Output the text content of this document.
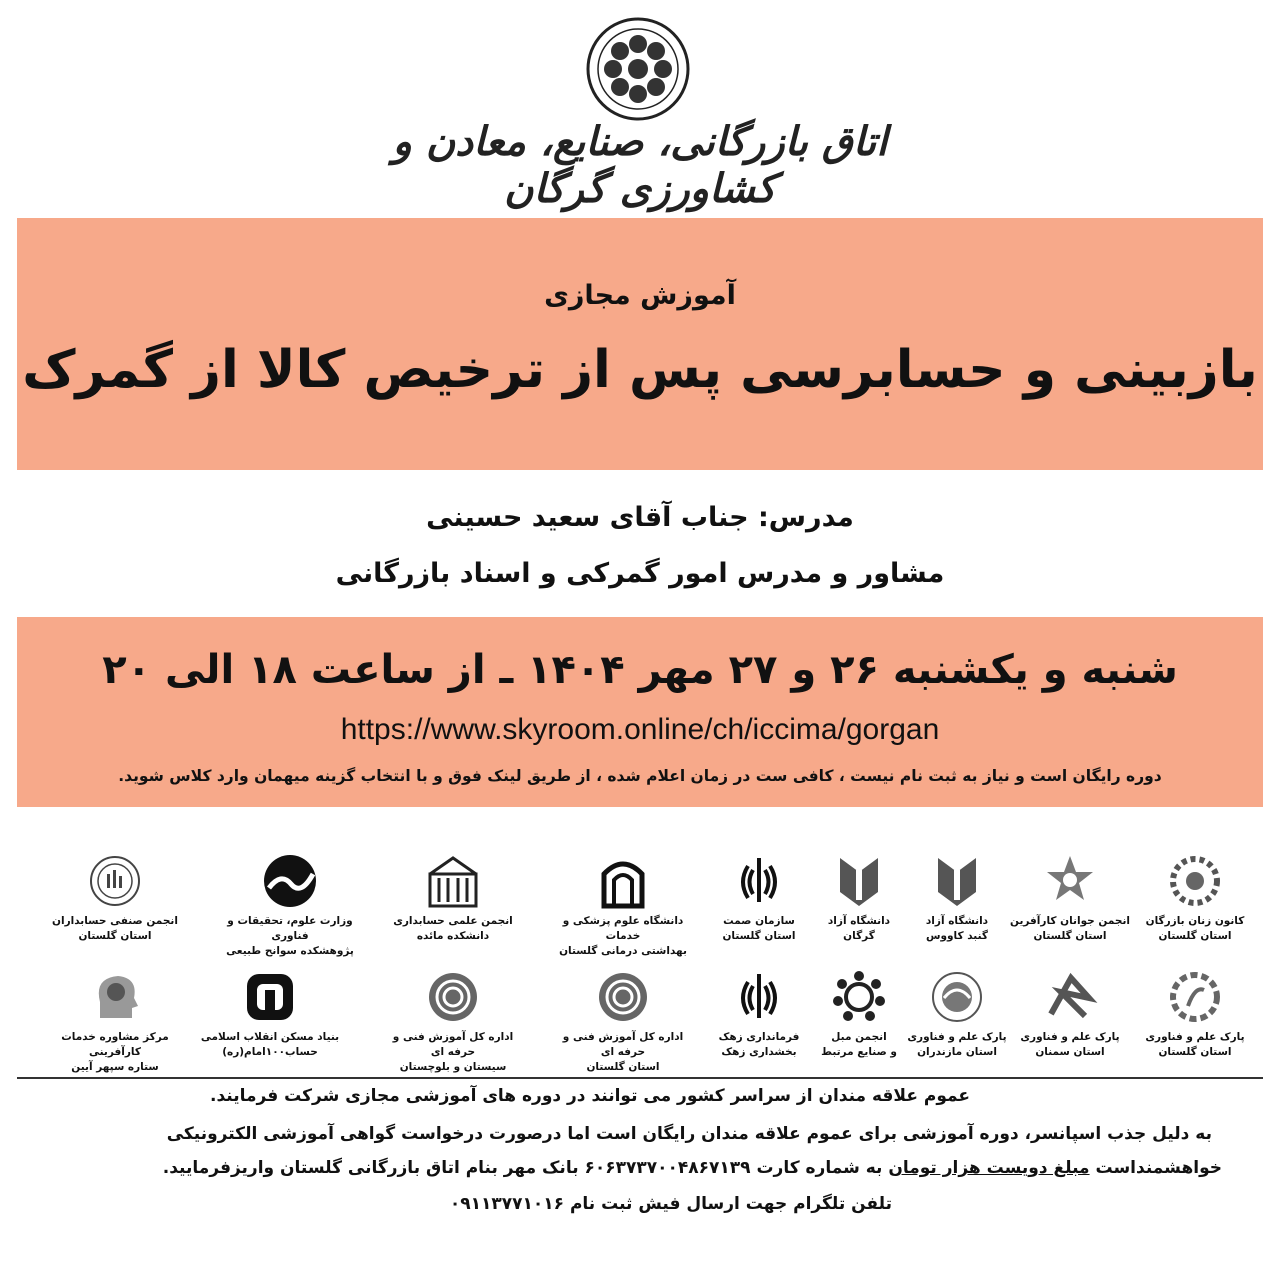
اتاق بازرگانی، صنایع، معادن و کشاورزی گرگان
آموزش مجازی
بازبینی و حسابرسی پس از ترخیص کالا از گمرک
مدرس: جناب آقای سعید حسینی
مشاور و مدرس امور گمرکی و اسناد بازرگانی
شنبه و یکشنبه ۲۶ و ۲۷ مهر ۱۴۰۴ ـ از ساعت ۱۸ الی ۲۰
https://www.skyroom.online/ch/iccima/gorgan
دوره رایگان است و نیاز به ثبت نام نیست ، کافی ست در زمان اعلام شده ، از طریق لینک فوق و با انتخاب گزینه میهمان وارد کلاس شوید.
کانون زنان بازرگان
استان گلستان
انجمن جوانان کارآفرین
استان گلستان
دانشگاه آزاد
گنبد کاووس
دانشگاه آزاد
گرگان
سازمان صمت
استان گلستان
دانشگاه علوم پزشکی و خدمات
بهداشتی درمانی گلستان
انجمن علمی حسابداری
دانشکده مائده
وزارت علوم، تحقیقات و فناوری
پژوهشکده سوانح طبیعی
انجمن صنفی حسابداران
استان گلستان
پارک علم و فناوری
استان گلستان
پارک علم و فناوری
استان سمنان
پارک علم و فناوری
استان مازندران
انجمن مبل
و صنایع مرتبط
فرمانداری زهک
بخشداری زهک
اداره کل آموزش فنی و حرفه ای
استان گلستان
اداره کل آموزش فنی و حرفه ای
سیستان و بلوچستان
بنیاد مسکن انقلاب اسلامی
حساب۱۰۰امام(ره)
مرکز مشاوره خدمات کارآفرینی
ستاره سپهر آیین
عموم علاقه مندان از سراسر کشور می توانند در دوره های آموزشی مجازی شرکت فرمایند.
به دلیل جذب اسپانسر، دوره آموزشی برای عموم علاقه مندان رایگان است اما درصورت درخواست گواهی آموزشی الکترونیکی
خواهشمنداست مبلغ دویست هزار تومان به شماره کارت ۶۰۶۳۷۳۷۰۰۴۸۶۷۱۳۹ بانک مهر بنام اتاق بازرگانی گلستان واریزفرمایید.
تلفن تلگرام جهت ارسال فیش ثبت نام ۰۹۱۱۳۷۷۱۰۱۶
